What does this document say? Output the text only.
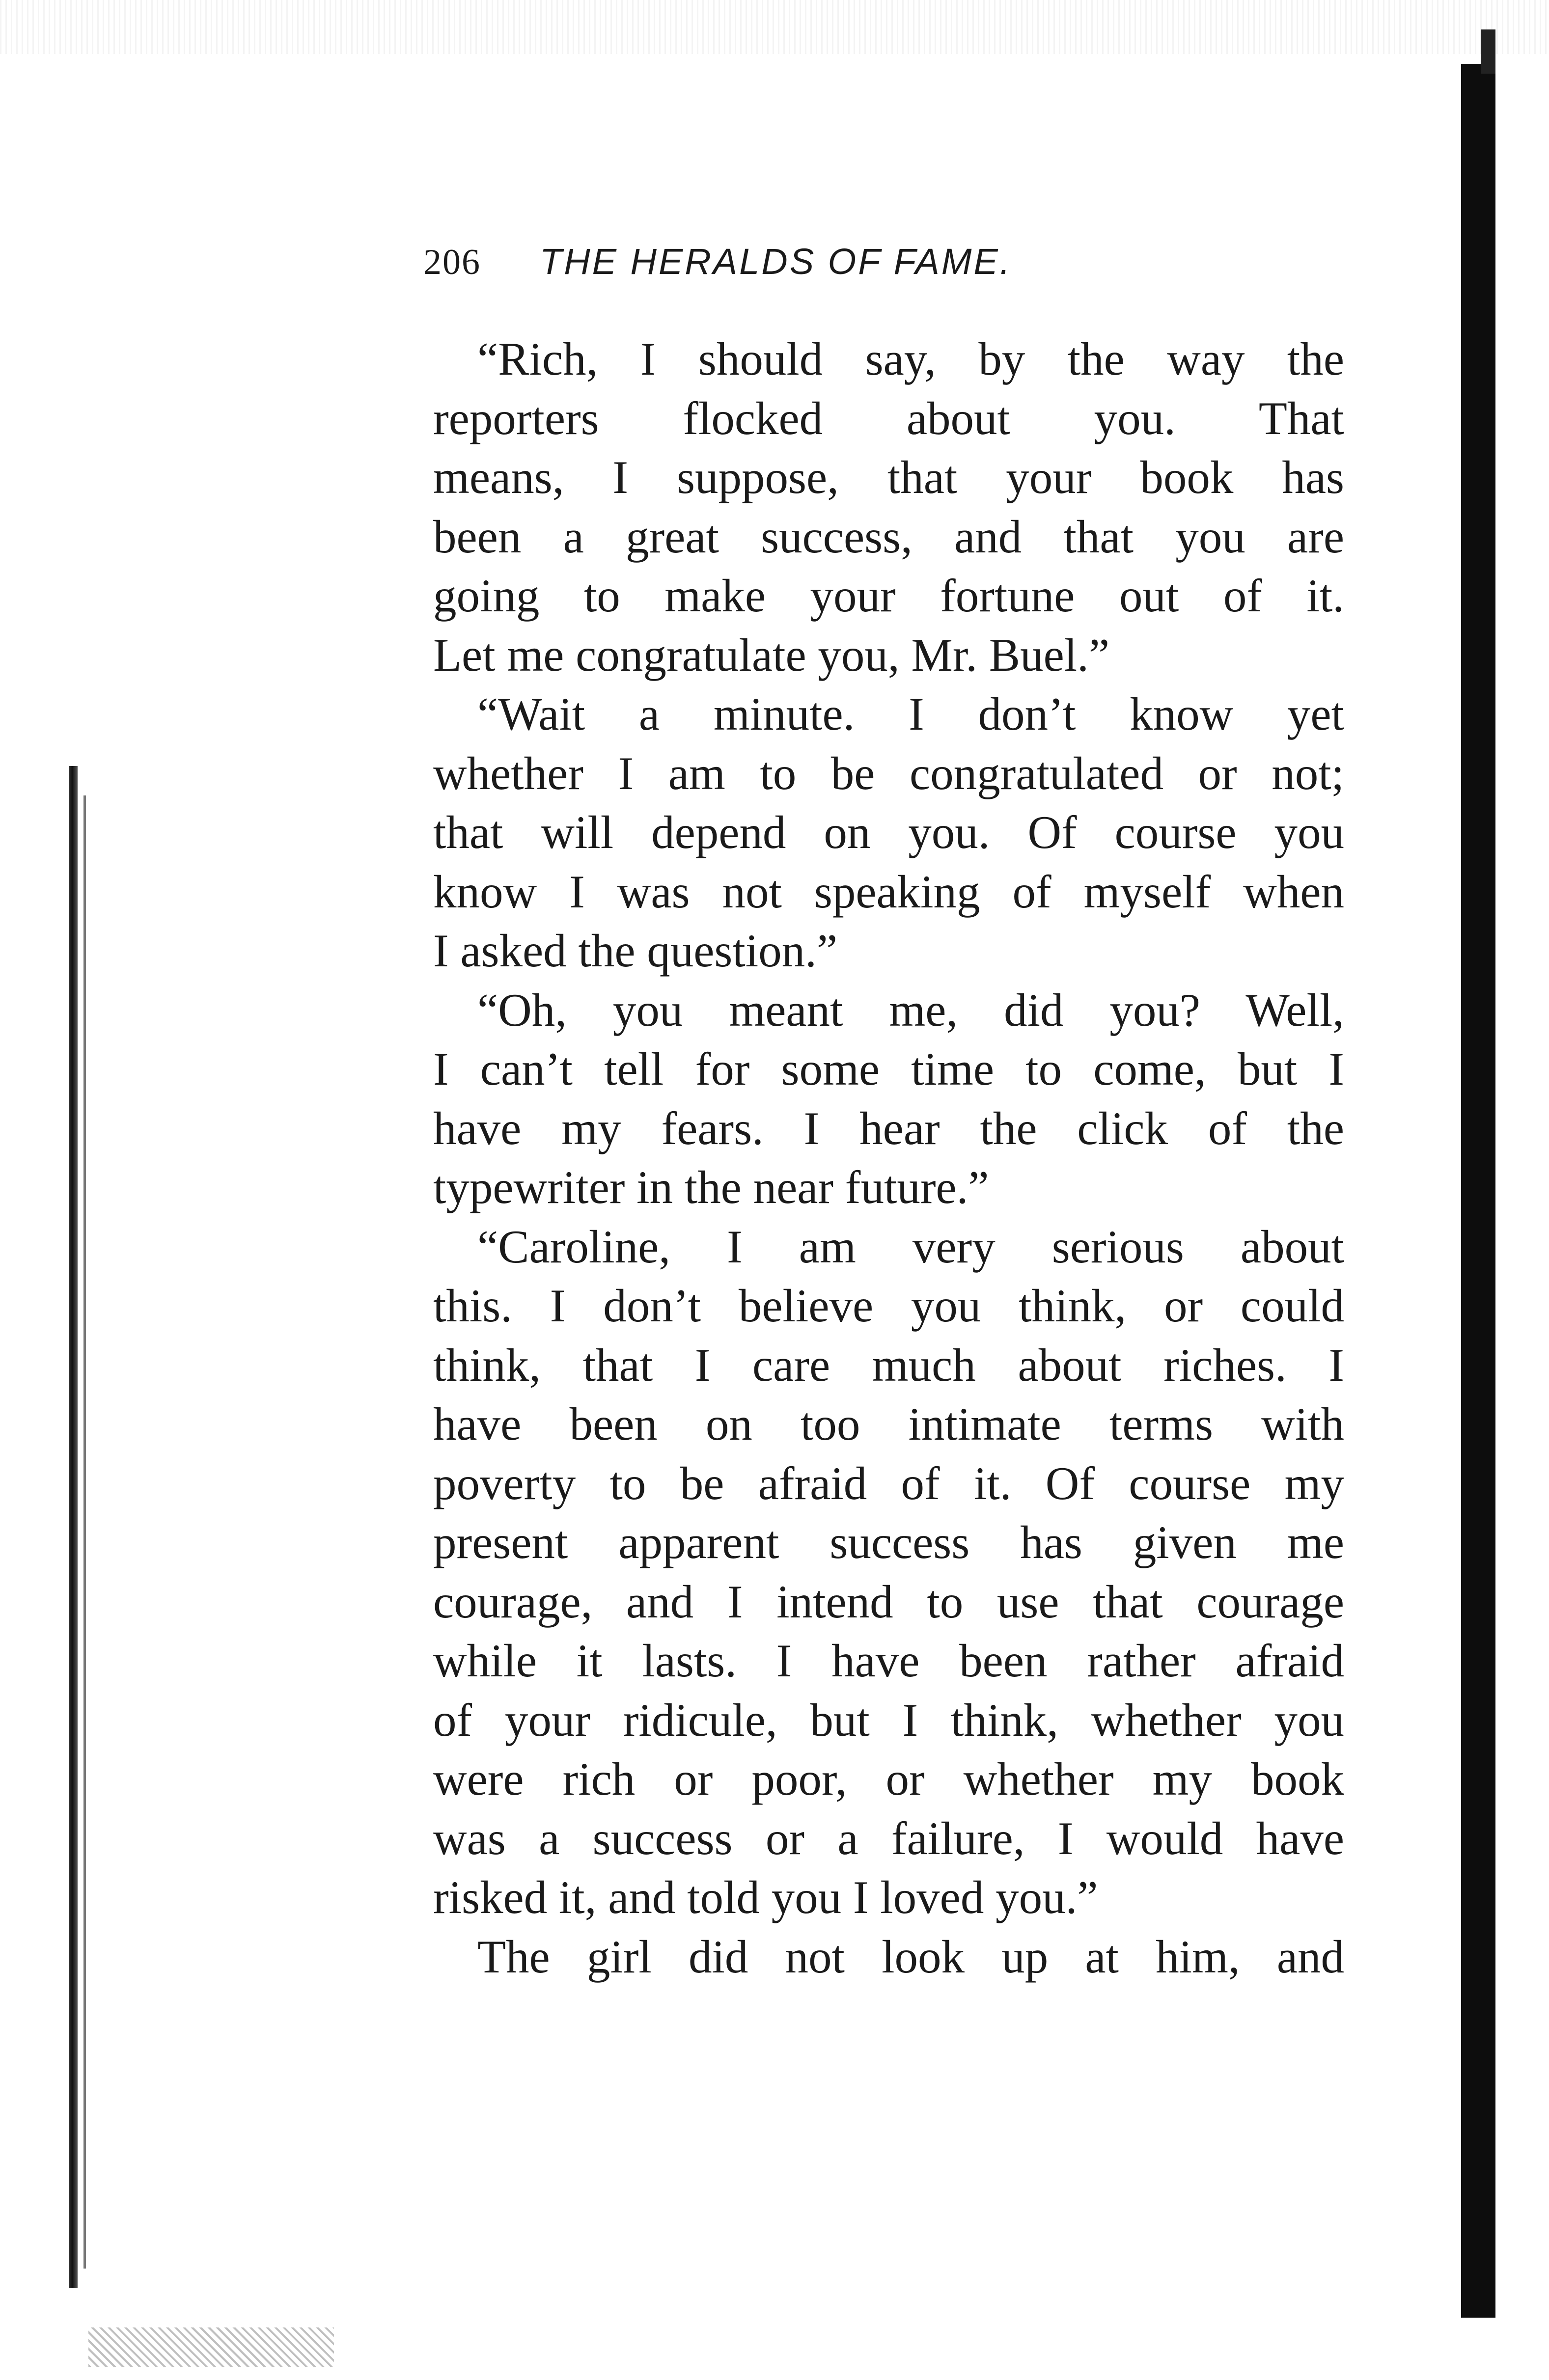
206 THE HERALDS OF FAME.
“Rich, I should say, by the way the
reporters flocked about you. That
means, I suppose, that your book has
been a great success, and that you are
going to make your fortune out of it.
Let me congratulate you, Mr. Buel.”
“Wait a minute. I don’t know yet
whether I am to be congratulated or not;
that will depend on you. Of course you
know I was not speaking of myself when
I asked the question.”
“Oh, you meant me, did you? Well,
I can’t tell for some time to come, but I
have my fears. I hear the click of the
typewriter in the near future.”
“Caroline, I am very serious about
this. I don’t believe you think, or could
think, that I care much about riches. I
have been on too intimate terms with
poverty to be afraid of it. Of course my
present apparent success has given me
courage, and I intend to use that courage
while it lasts. I have been rather afraid
of your ridicule, but I think, whether you
were rich or poor, or whether my book
was a success or a failure, I would have
risked it, and told you I loved you.”
The girl did not look up at him, and
